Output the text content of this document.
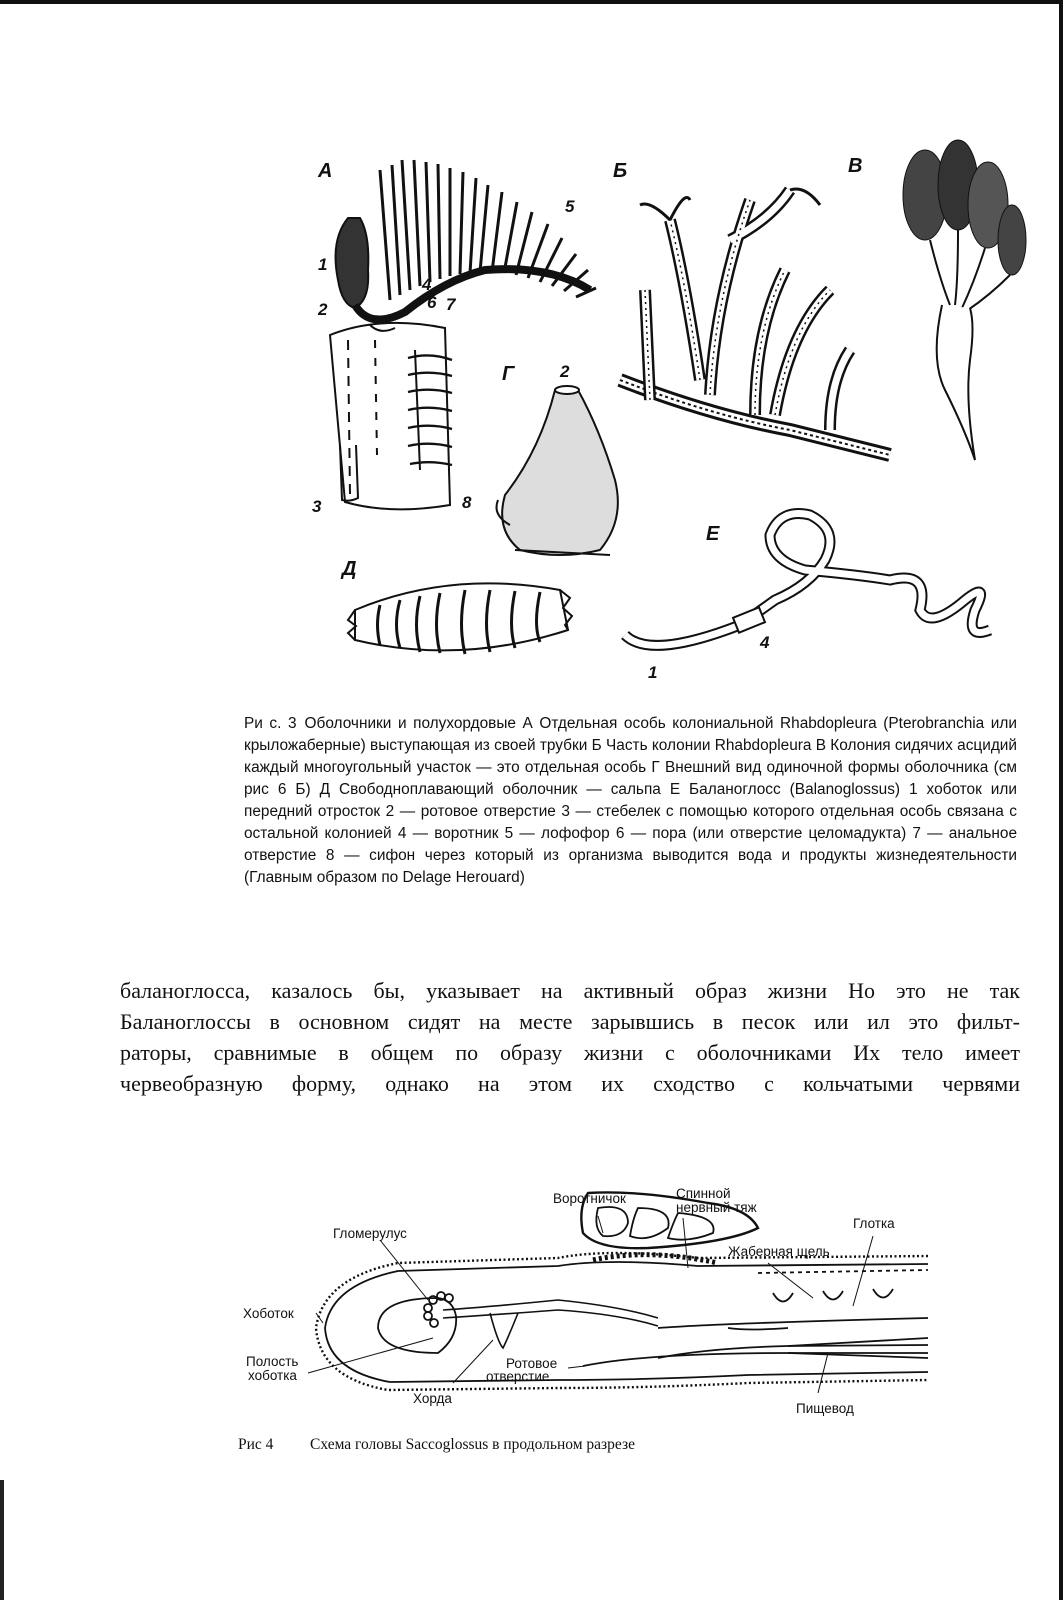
А	Б	В
Г
Д
Е
1
2
3
4
5
6 7
8
2
1
4
Ри с. 3 Оболочники и полухордовые А Отдельная особь колониальной Rhabdopleura (Pterobranchia или крыложаберные) выступающая из своей трубки Б Часть колонии Rhabdopleura В Колония сидячих асцидий каждый многоугольный участок — это отдельная особь Г Внешний вид одиночной формы оболочника (см рис 6 Б) Д Свободноплавающий оболочник — сальпа Е Баланоглосс (Balanoglossus) 1 хоботок или передний отросток 2 — ротовое отверстие 3 — стебелек с помощью которого отдельная особь связана с остальной колонией 4 — воротник 5 — лофофор 6 — пора (или отверстие целомадукта) 7 — анальное отверстие 8 — сифон через который из организма выводится вода и продукты жизнедеятельности (Главным образом по Delage Herouard)
баланоглосса, казалось бы, указывает на активный образ жизни Но это не так
Баланоглоссы в основном сидят на месте зарывшись в песок или ил это фильт-
раторы, сравнимые в общем по образу жизни с оболочниками Их тело имеет
червеобразную форму, однако на этом их сходство с кольчатыми червями
Воротничок	Спинной
нервный тяж
Глотка
Гломерулус
Жаберная щель
Хоботок
Полость
хоботка
Ротовое
отверстие
Хорда
Пищевод
Рис 4 Схема головы Saccoglossus в продольном разрезе
